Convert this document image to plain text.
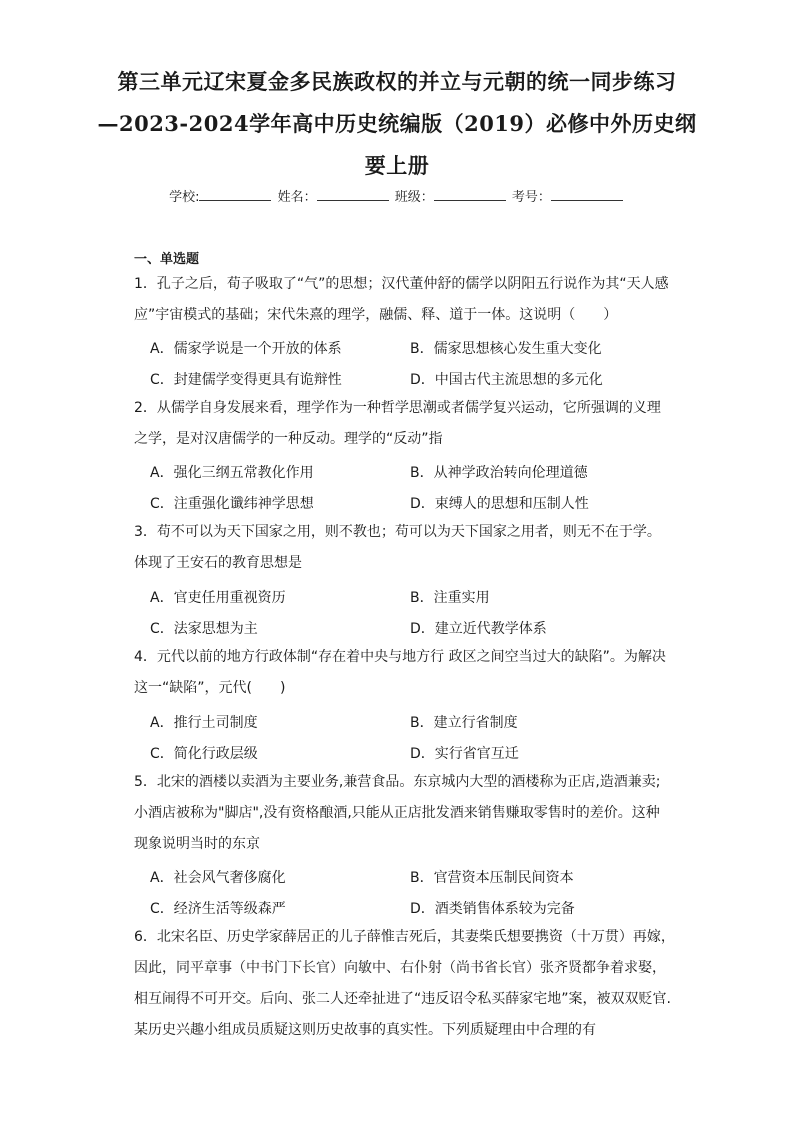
第三单元辽宋夏金多民族政权的并立与元朝的统一同步练习
—2023-2024学年高中历史统编版（2019）必修中外历史纲
要上册
学校:	姓名：	班级：	考号：
一、单选题
1．孔子之后，荀子吸取了“气”的思想；汉代董仲舒的儒学以阴阳五行说作为其“天人感
应”宇宙模式的基础；宋代朱熹的理学，融儒、释、道于一体。这说明（　　）
A．儒家学说是一个开放的体系	B．儒家思想核心发生重大变化
C．封建儒学变得更具有诡辩性	D．中国古代主流思想的多元化
2．从儒学自身发展来看，理学作为一种哲学思潮或者儒学复兴运动，它所强调的义理
之学，是对汉唐儒学的一种反动。理学的“反动”指
A．强化三纲五常教化作用	B．从神学政治转向伦理道德
C．注重强化谶纬神学思想	D．束缚人的思想和压制人性
3．苟不可以为天下国家之用，则不教也；苟可以为天下国家之用者，则无不在于学。
体现了王安石的教育思想是
A．官吏任用重视资历	B．注重实用
C．法家思想为主	D．建立近代教学体系
4．元代以前的地方行政体制“存在着中央与地方行 政区之间空当过大的缺陷”。为解决
这一“缺陷”，元代(　　)
A．推行土司制度	B．建立行省制度
C．简化行政层级	D．实行省官互迁
5．北宋的酒楼以卖酒为主要业务,兼营食品。东京城内大型的酒楼称为正店,造酒兼卖;
小酒店被称为"脚店",没有资格酿酒,只能从正店批发酒来销售赚取零售时的差价。这种
现象说明当时的东京
A．社会风气奢侈腐化	B．官营资本压制民间资本
C．经济生活等级森严	D．酒类销售体系较为完备
6．北宋名臣、历史学家薛居正的儿子薛惟吉死后，其妻柴氏想要携资（十万贯）再嫁，
因此，同平章事（中书门下长官）向敏中、右仆射（尚书省长官）张齐贤都争着求娶，
相互闹得不可开交。后向、张二人还牵扯进了“违反诏令私买薛家宅地”案，被双双贬官.
某历史兴趣小组成员质疑这则历史故事的真实性。下列质疑理由中合理的有
